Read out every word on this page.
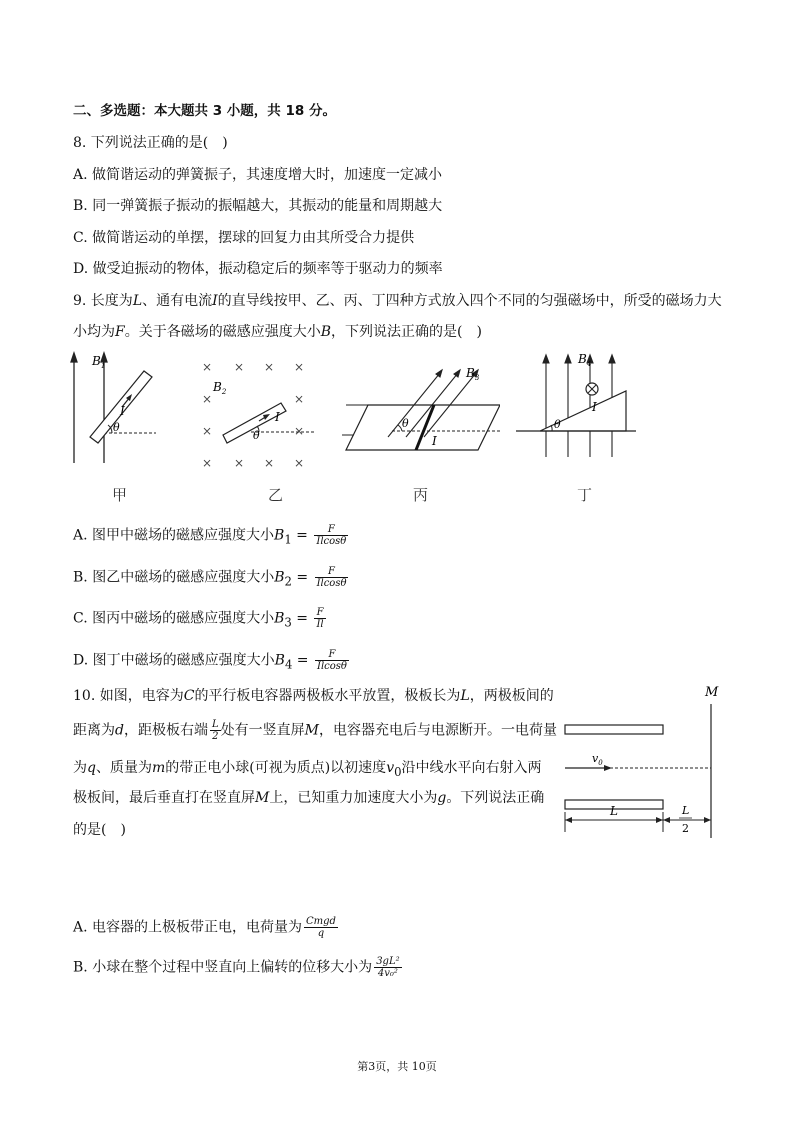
二、多选题：本大题共 3 小题，共 18 分。
8. 下列说法正确的是(　)
A. 做简谐运动的弹簧振子，其速度增大时，加速度一定减小
B. 同一弹簧振子振动的振幅越大，其振动的能量和周期越大
C. 做简谐运动的单摆，摆球的回复力由其所受合力提供
D. 做受迫振动的物体，振动稳定后的频率等于驱动力的频率
9. 长度为L、通有电流I的直导线按甲、乙、丙、丁四种方式放入四个不同的匀强磁场中，所受的磁场力大
小均为F。关于各磁场的磁感应强度大小B，下列说法正确的是(　)
$B_1$
I
θ
甲
× × × ×
×	×
×	×
× × × ×
$B_2$
I
θ
乙
$B_3$
I
θ
丙
$B_4$
I
θ
丁
A. 图甲中磁场的磁感应强度大小$B_1 = \frac{F}{Ilcos\theta}$
B. 图乙中磁场的磁感应强度大小$B_2 = \frac{F}{Ilcos\theta}$
C. 图丙中磁场的磁感应强度大小$B_3 = \frac{F}{Il}$
D. 图丁中磁场的磁感应强度大小$B_4 = \frac{F}{Ilcos\theta}$
10. 如图，电容为C的平行板电容器两极板水平放置，极板长为L，两极板间的
距离为d，距极板右端 $\frac{L}{2}$ 处有一竖直屏M，电容器充电后与电源断开。一电荷量
为q、质量为m的带正电小球(可视为质点)以初速度$v_0$沿中线水平向右射入两
极板间，最后垂直打在竖直屏M上，已知重力加速度大小为g。下列说法正确
的是(　)
M
$v_0$
L	L
2
A. 电容器的上极板带正电，电荷量为 $\frac{\text{Cmgd}}{q}$
B. 小球在整个过程中竖直向上偏转的位移大小为 $\frac{\text{3gL²}}{\text{4v₀²}}$
第3页，共 10页
